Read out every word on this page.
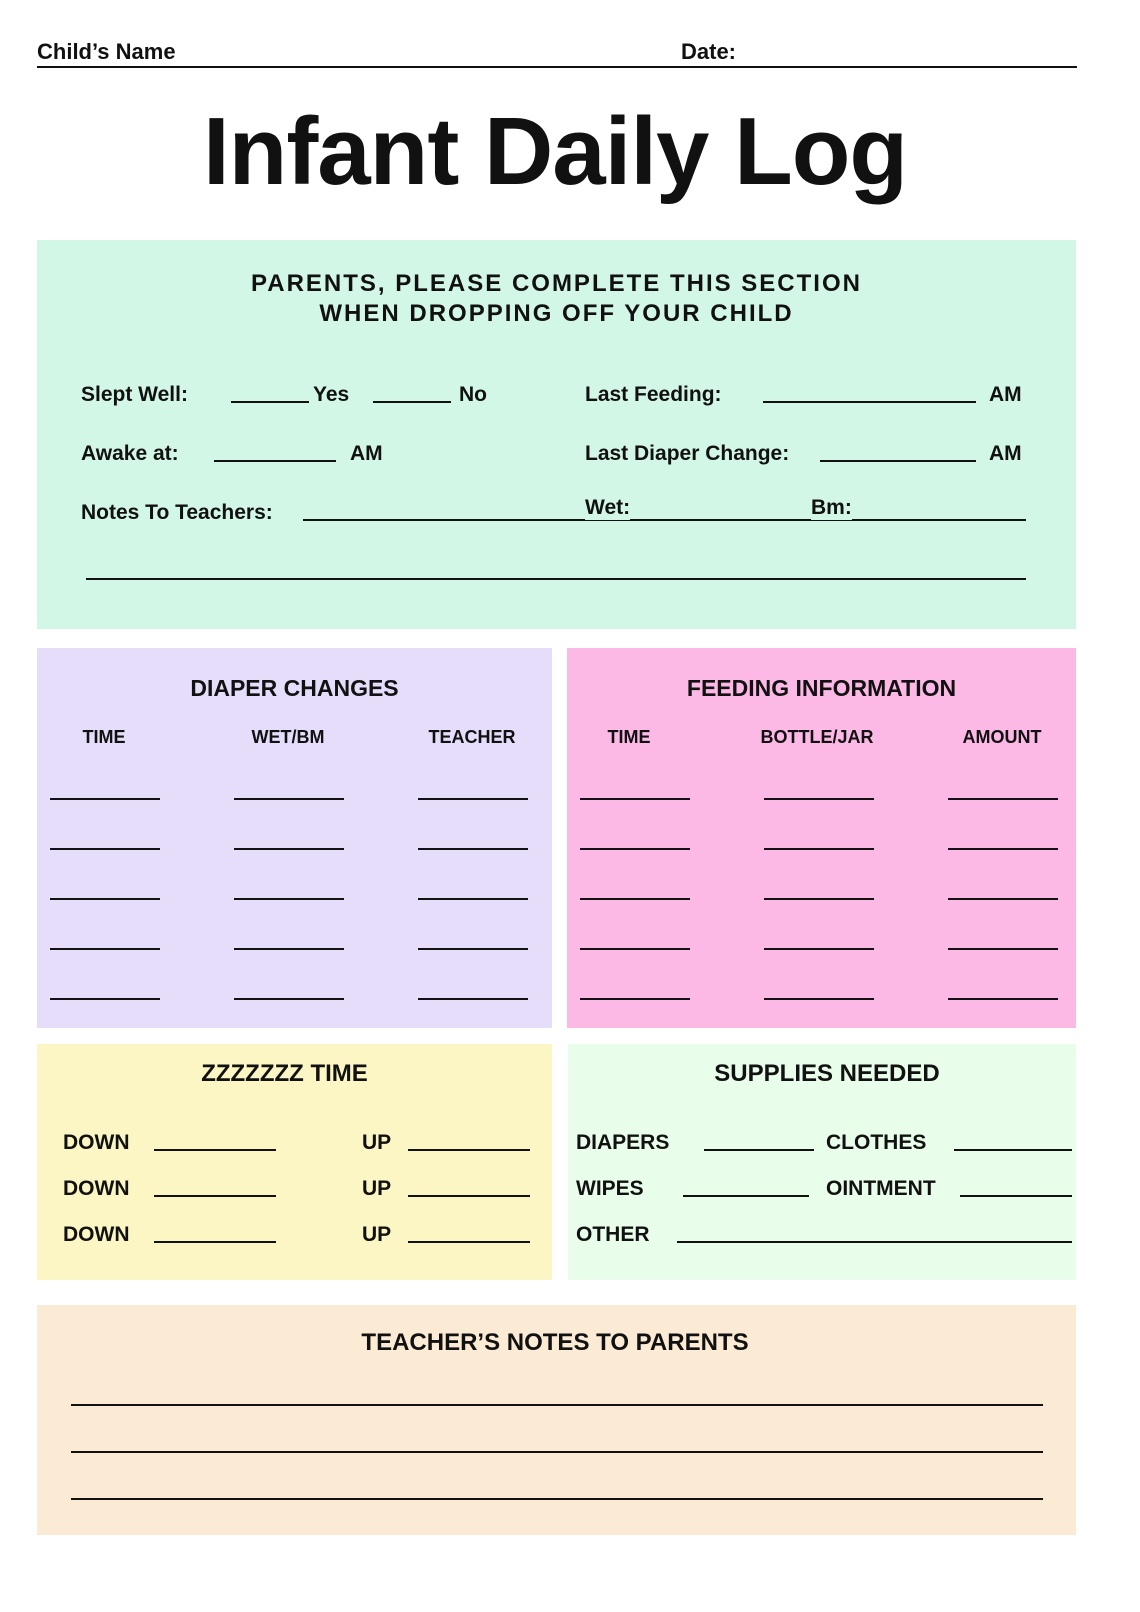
Child’s Name	Date:
Infant Daily Log
PARENTS, PLEASE COMPLETE THIS SECTION
WHEN DROPPING OFF YOUR CHILD
Slept Well:	Yes	No
Awake at:	AM
Notes To Teachers:
Last Feeding:	AM
Last Diaper Change:	AM
Wet:	Bm:
DIAPER CHANGES
TIME	WET/BM	TEACHER
FEEDING INFORMATION
TIME	BOTTLE/JAR	AMOUNT
ZZZZZZZ TIME
DOWN	UP
DOWN	UP
DOWN	UP
SUPPLIES NEEDED
DIAPERS	CLOTHES
WIPES	OINTMENT
OTHER
TEACHER’S NOTES TO PARENTS
